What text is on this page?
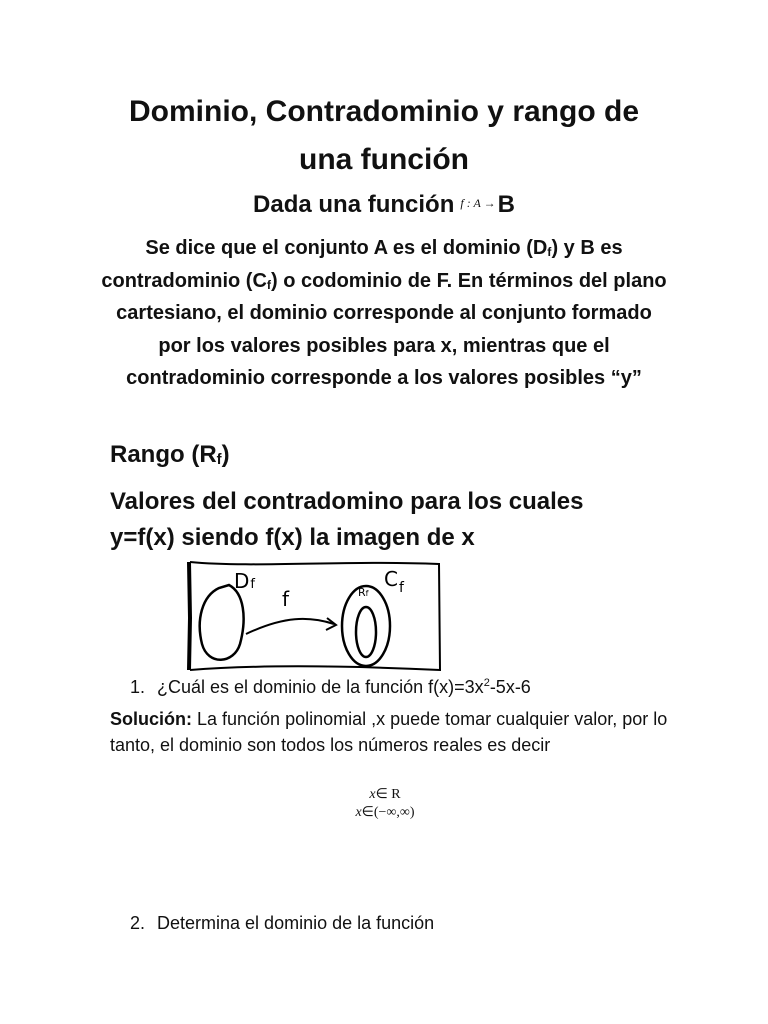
Dominio, Contradominio y rango de
una función
Dada una función $^{f : A \to}$B
Se dice que el conjunto A es el dominio $(D_f)$ y B es contradominio $(C_f)$ o codominio de F. En términos del plano cartesiano, el dominio corresponde al conjunto formado por los valores posibles para x, mientras que el contradominio corresponde a los valores posibles “y”
Rango $(R_f)$
Valores del contradomino para los cuales
y=f(x) siendo f(x) la imagen de x
Df
f	Rf
$C_f$
1. ¿Cuál es el dominio de la función $f(x)=3x^2-5x-6$
Solución: La función polinomial ,x puede tomar cualquier valor, por lo tanto, el dominio son todos los números reales es decir
x∈ R
x∈(−∞,∞)
2. Determina el dominio de la función
